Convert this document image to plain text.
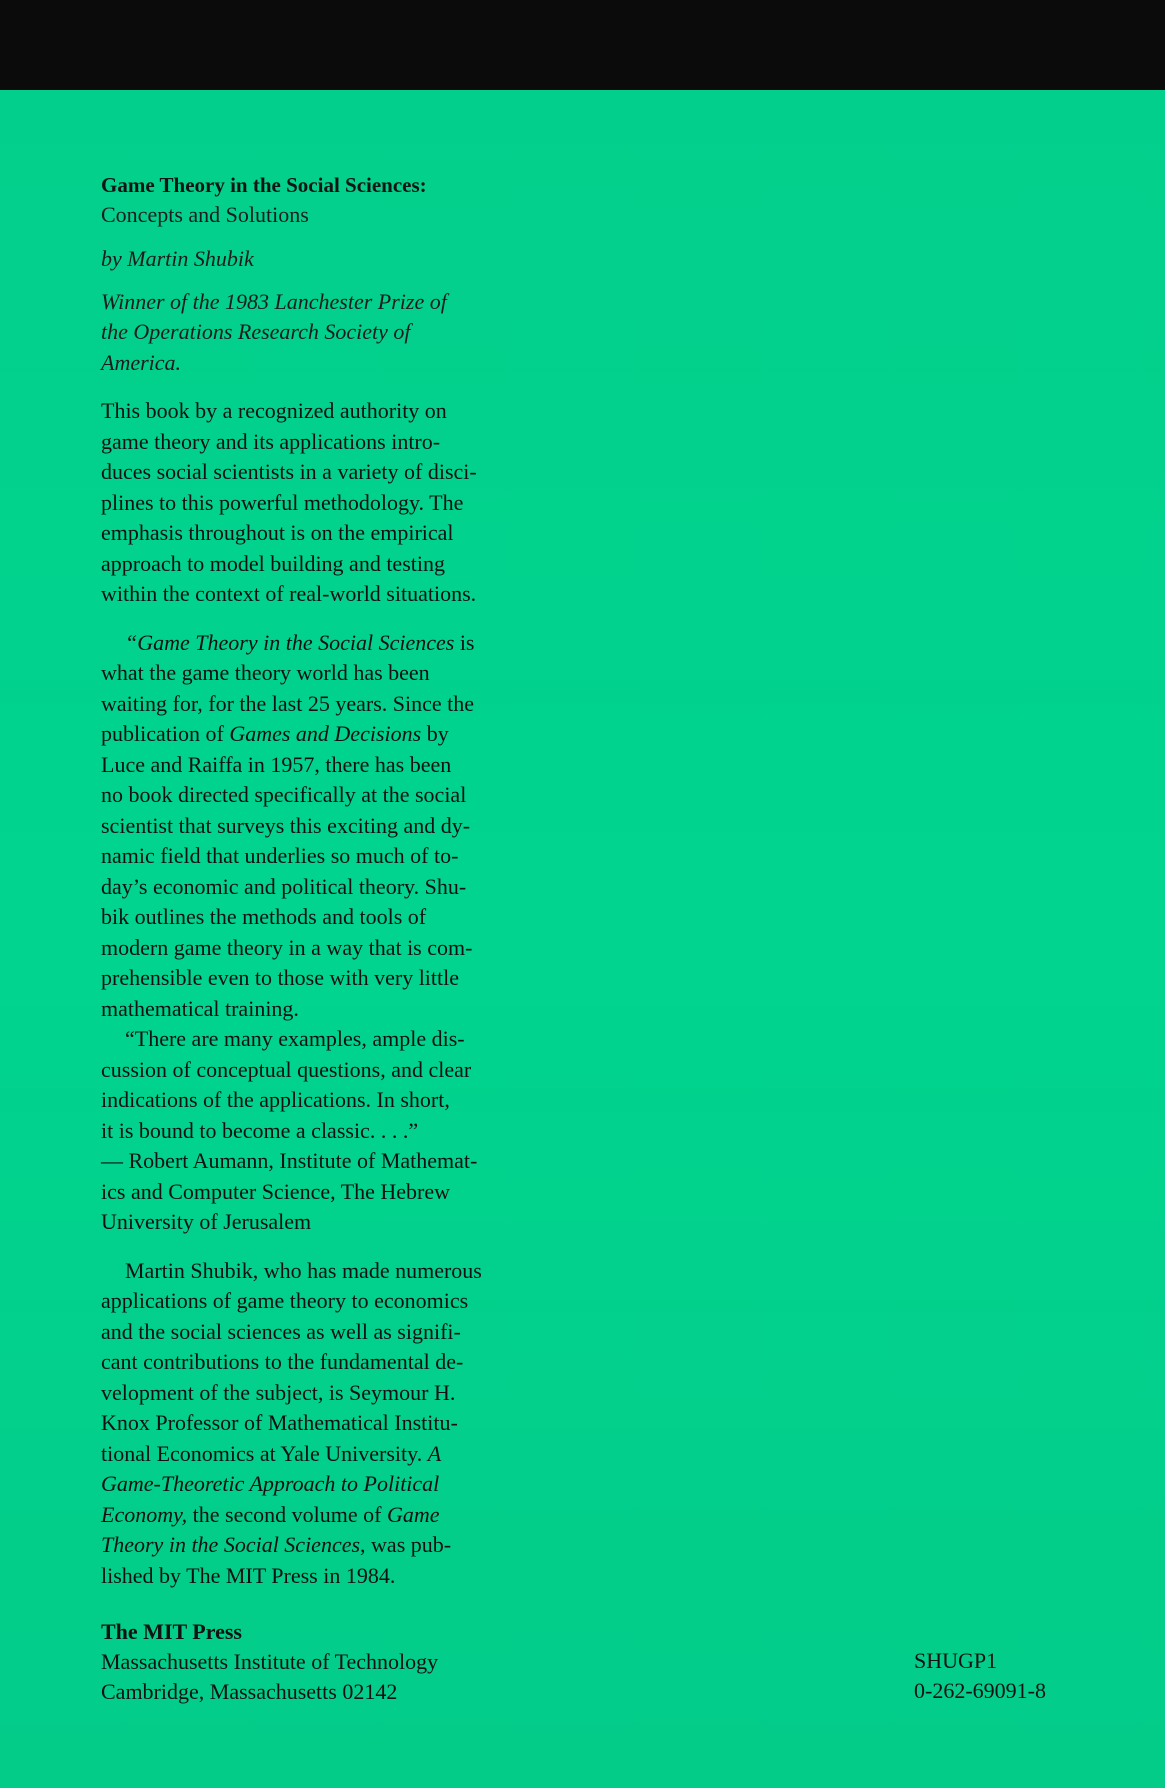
Game Theory in the Social Sciences:

Concepts and Solutions

by Martin Shubik

Winner of the 1983 Lanchester Prize of
the Operations Research Society of
America.
This book by a recognized authority on
game theory and its applications intro-
duces social scientists in a variety of disci-
plines to this powerful methodology. The
emphasis throughout is on the empirical
approach to model building and testing
within the context of real-world situations.
“Game Theory in the Social Sciences is
what the game theory world has been
waiting for, for the last 25 years. Since the
publication of Games and Decisions by
Luce and Raiffa in 1957, there has been
no book directed specifically at the social
scientist that surveys this exciting and dy-
namic field that underlies so much of to-
day’s economic and political theory. Shu-
bik outlines the methods and tools of
modern game theory in a way that is com-
prehensible even to those with very little
mathematical training.
“There are many examples, ample dis-
cussion of conceptual questions, and clear
indications of the applications. In short,
it is bound to become a classic. . . .”
— Robert Aumann, Institute of Mathemat-
ics and Computer Science, The Hebrew
University of Jerusalem
Martin Shubik, who has made numerous
applications of game theory to economics
and the social sciences as well as signifi-
cant contributions to the fundamental de-
velopment of the subject, is Seymour H.
Knox Professor of Mathematical Institu-
tional Economics at Yale University. A
Game-Theoretic Approach to Political
Economy, the second volume of Game
Theory in the Social Sciences, was pub-
lished by The MIT Press in 1984.
The MIT Press
Massachusetts Institute of Technology
Cambridge, Massachusetts 02142
SHUGP1
0-262-69091-8
